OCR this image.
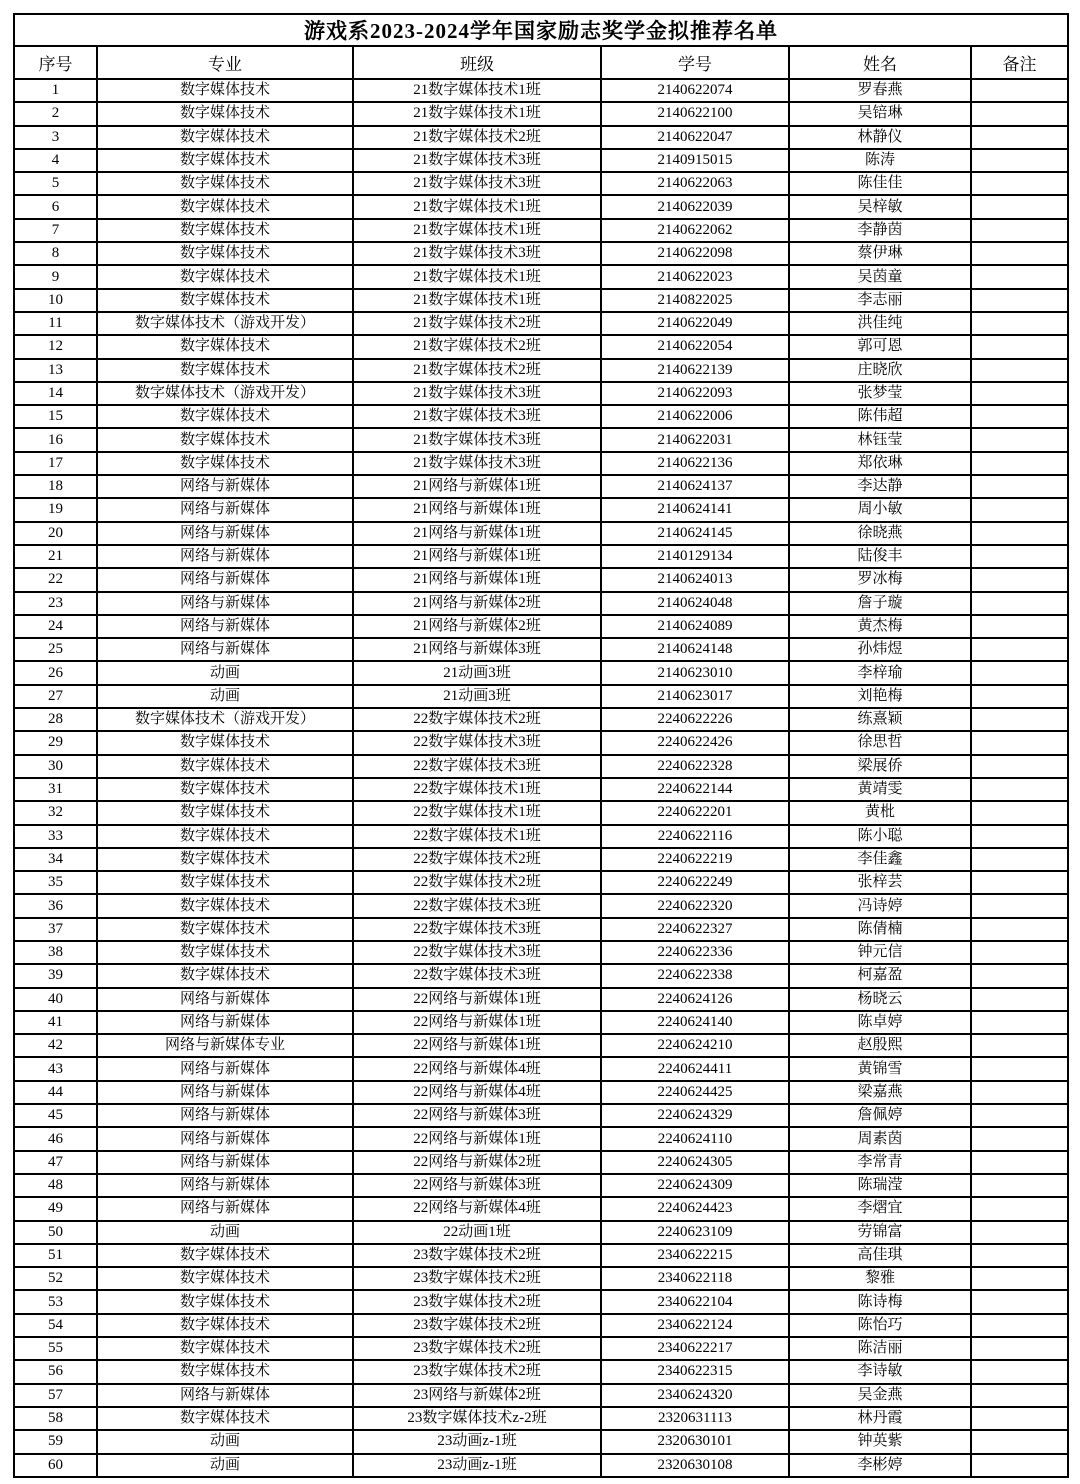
游戏系2023-2024学年国家励志奖学金拟推荐名单					
序号	专业	班级	学号	姓名	备注
1	数字媒体技术	21数字媒体技术1班	2140622074	罗春燕	
2	数字媒体技术	21数字媒体技术1班	2140622100	吴锫琳	
3	数字媒体技术	21数字媒体技术2班	2140622047	林静仪	
4	数字媒体技术	21数字媒体技术3班	2140915015	陈涛	
5	数字媒体技术	21数字媒体技术3班	2140622063	陈佳佳	
6	数字媒体技术	21数字媒体技术1班	2140622039	吴梓敏	
7	数字媒体技术	21数字媒体技术1班	2140622062	李静茵	
8	数字媒体技术	21数字媒体技术3班	2140622098	蔡伊琳	
9	数字媒体技术	21数字媒体技术1班	2140622023	吴茵童	
10	数字媒体技术	21数字媒体技术1班	2140822025	李志丽	
11	数字媒体技术（游戏开发）	21数字媒体技术2班	2140622049	洪佳纯	
12	数字媒体技术	21数字媒体技术2班	2140622054	郭可恩	
13	数字媒体技术	21数字媒体技术2班	2140622139	庄晓欣	
14	数字媒体技术（游戏开发）	21数字媒体技术3班	2140622093	张梦莹	
15	数字媒体技术	21数字媒体技术3班	2140622006	陈伟超	
16	数字媒体技术	21数字媒体技术3班	2140622031	林钰莹	
17	数字媒体技术	21数字媒体技术3班	2140622136	郑依琳	
18	网络与新媒体	21网络与新媒体1班	2140624137	李达静	
19	网络与新媒体	21网络与新媒体1班	2140624141	周小敏	
20	网络与新媒体	21网络与新媒体1班	2140624145	徐晓燕	
21	网络与新媒体	21网络与新媒体1班	2140129134	陆俊丰	
22	网络与新媒体	21网络与新媒体1班	2140624013	罗冰梅	
23	网络与新媒体	21网络与新媒体2班	2140624048	詹子璇	
24	网络与新媒体	21网络与新媒体2班	2140624089	黄杰梅	
25	网络与新媒体	21网络与新媒体3班	2140624148	孙炜煜	
26	动画	21动画3班	2140623010	李梓瑜	
27	动画	21动画3班	2140623017	刘艳梅	
28	数字媒体技术（游戏开发）	22数字媒体技术2班	2240622226	练熹颖	
29	数字媒体技术	22数字媒体技术3班	2240622426	徐思哲	
30	数字媒体技术	22数字媒体技术3班	2240622328	梁展侨	
31	数字媒体技术	22数字媒体技术1班	2240622144	黄靖雯	
32	数字媒体技术	22数字媒体技术1班	2240622201	黄枇	
33	数字媒体技术	22数字媒体技术1班	2240622116	陈小聪	
34	数字媒体技术	22数字媒体技术2班	2240622219	李佳鑫	
35	数字媒体技术	22数字媒体技术2班	2240622249	张梓芸	
36	数字媒体技术	22数字媒体技术3班	2240622320	冯诗婷	
37	数字媒体技术	22数字媒体技术3班	2240622327	陈倩楠	
38	数字媒体技术	22数字媒体技术3班	2240622336	钟元信	
39	数字媒体技术	22数字媒体技术3班	2240622338	柯嘉盈	
40	网络与新媒体	22网络与新媒体1班	2240624126	杨晓云	
41	网络与新媒体	22网络与新媒体1班	2240624140	陈卓婷	
42	网络与新媒体专业	22网络与新媒体1班	2240624210	赵殷熙	
43	网络与新媒体	22网络与新媒体4班	2240624411	黄锦雪	
44	网络与新媒体	22网络与新媒体4班	2240624425	梁嘉燕	
45	网络与新媒体	22网络与新媒体3班	2240624329	詹佩婷	
46	网络与新媒体	22网络与新媒体1班	2240624110	周素茵	
47	网络与新媒体	22网络与新媒体2班	2240624305	李常青	
48	网络与新媒体	22网络与新媒体3班	2240624309	陈瑞滢	
49	网络与新媒体	22网络与新媒体4班	2240624423	李熠宜	
50	动画	22动画1班	2240623109	劳锦富	
51	数字媒体技术	23数字媒体技术2班	2340622215	高佳琪	
52	数字媒体技术	23数字媒体技术2班	2340622118	黎雅	
53	数字媒体技术	23数字媒体技术2班	2340622104	陈诗梅	
54	数字媒体技术	23数字媒体技术2班	2340622124	陈怡巧	
55	数字媒体技术	23数字媒体技术2班	2340622217	陈洁丽	
56	数字媒体技术	23数字媒体技术2班	2340622315	李诗敏	
57	网络与新媒体	23网络与新媒体2班	2340624320	吴金燕	
58	数字媒体技术	23数字媒体技术z-2班	2320631113	林丹霞	
59	动画	23动画z-1班	2320630101	钟英紫	
60	动画	23动画z-1班	2320630108	李彬婷	
